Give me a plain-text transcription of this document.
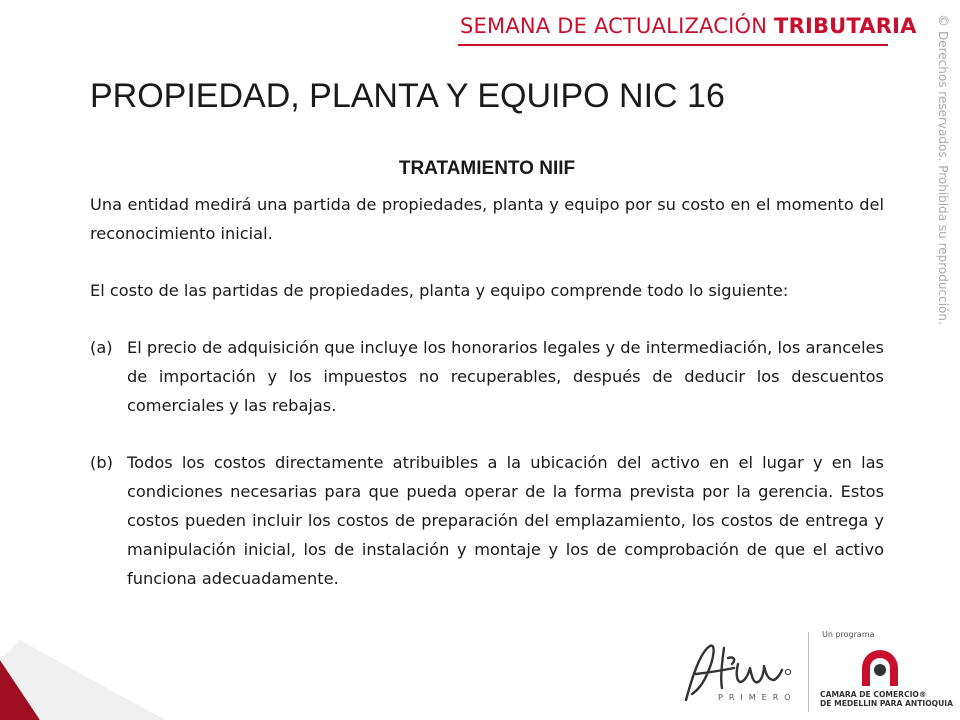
SEMANA DE ACTUALIZACIÓN TRIBUTARIA ©Derechos reservados. Prohibida su reproducción.
PROPIEDAD, PLANTA Y EQUIPO NIC 16
TRATAMIENTO NIIF

Una entidad medirá una partida de propiedades, planta y equipo por su costo en el momento del reconocimiento inicial.

El costo de las partidas de propiedades, planta y equipo comprende todo lo siguiente:

(a) El precio de adquisición que incluye los honorarios legales y de intermediación, los aranceles de importación y los impuestos no recuperables, después de deducir los descuentos comerciales y las rebajas.
(b) Todos los costos directamente atribuibles a la ubicación del activo en el lugar y en las condiciones necesarias para que pueda operar de la forma prevista por la gerencia. Estos costos pueden incluir los costos de preparación del emplazamiento, los costos de entrega y manipulación inicial, los de instalación y montaje y los de comprobación de que el activo funciona adecuadamente.
PRIMERO
Un programa
CAMARA DE COMERCIO®
DE MEDELLIN PARA ANTIOQUIA
